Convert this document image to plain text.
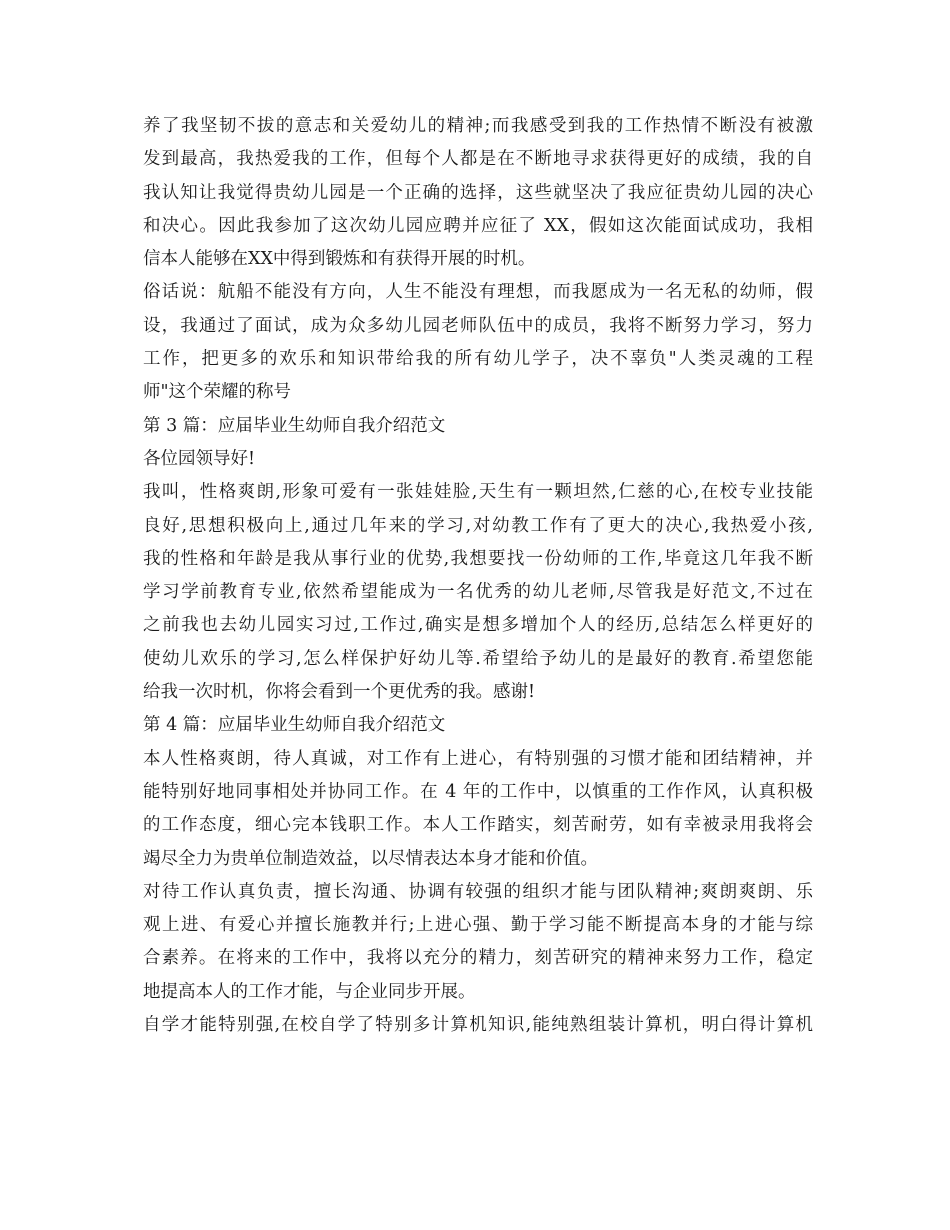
养了我坚韧不拔的意志和关爱幼儿的精神;而我感受到我的工作热情不断没有被激
发到最高，我热爱我的工作，但每个人都是在不断地寻求获得更好的成绩，我的自
我认知让我觉得贵幼儿园是一个正确的选择，这些就坚决了我应征贵幼儿园的决心
和决心。因此我参加了这次幼儿园应聘并应征了 XX，假如这次能面试成功，我相
信本人能够在XX中得到锻炼和有获得开展的时机。
俗话说：航船不能没有方向，人生不能没有理想，而我愿成为一名无私的幼师，假
设，我通过了面试，成为众多幼儿园老师队伍中的成员，我将不断努力学习，努力
工作，把更多的欢乐和知识带给我的所有幼儿学子，决不辜负"人类灵魂的工程
师"这个荣耀的称号
第 3 篇：应届毕业生幼师自我介绍范文
各位园领导好!
我叫，性格爽朗,形象可爱有一张娃娃脸,天生有一颗坦然,仁慈的心,在校专业技能
良好,思想积极向上,通过几年来的学习,对幼教工作有了更大的决心,我热爱小孩,
我的性格和年龄是我从事行业的优势,我想要找一份幼师的工作,毕竟这几年我不断
学习学前教育专业,依然希望能成为一名优秀的幼儿老师,尽管我是好范文,不过在
之前我也去幼儿园实习过,工作过,确实是想多增加个人的经历,总结怎么样更好的
使幼儿欢乐的学习,怎么样保护好幼儿等.希望给予幼儿的是最好的教育.希望您能
给我一次时机，你将会看到一个更优秀的我。感谢!
第 4 篇：应届毕业生幼师自我介绍范文
本人性格爽朗，待人真诚，对工作有上进心，有特别强的习惯才能和团结精神，并
能特别好地同事相处并协同工作。在 4 年的工作中，以慎重的工作作风，认真积极
的工作态度，细心完本钱职工作。本人工作踏实，刻苦耐劳，如有幸被录用我将会
竭尽全力为贵单位制造效益，以尽情表达本身才能和价值。
对待工作认真负责，擅长沟通、协调有较强的组织才能与团队精神;爽朗爽朗、乐
观上进、有爱心并擅长施教并行;上进心强、勤于学习能不断提高本身的才能与综
合素养。在将来的工作中，我将以充分的精力，刻苦研究的精神来努力工作，稳定
地提高本人的工作才能，与企业同步开展。
自学才能特别强,在校自学了特别多计算机知识,能纯熟组装计算机，明白得计算机
